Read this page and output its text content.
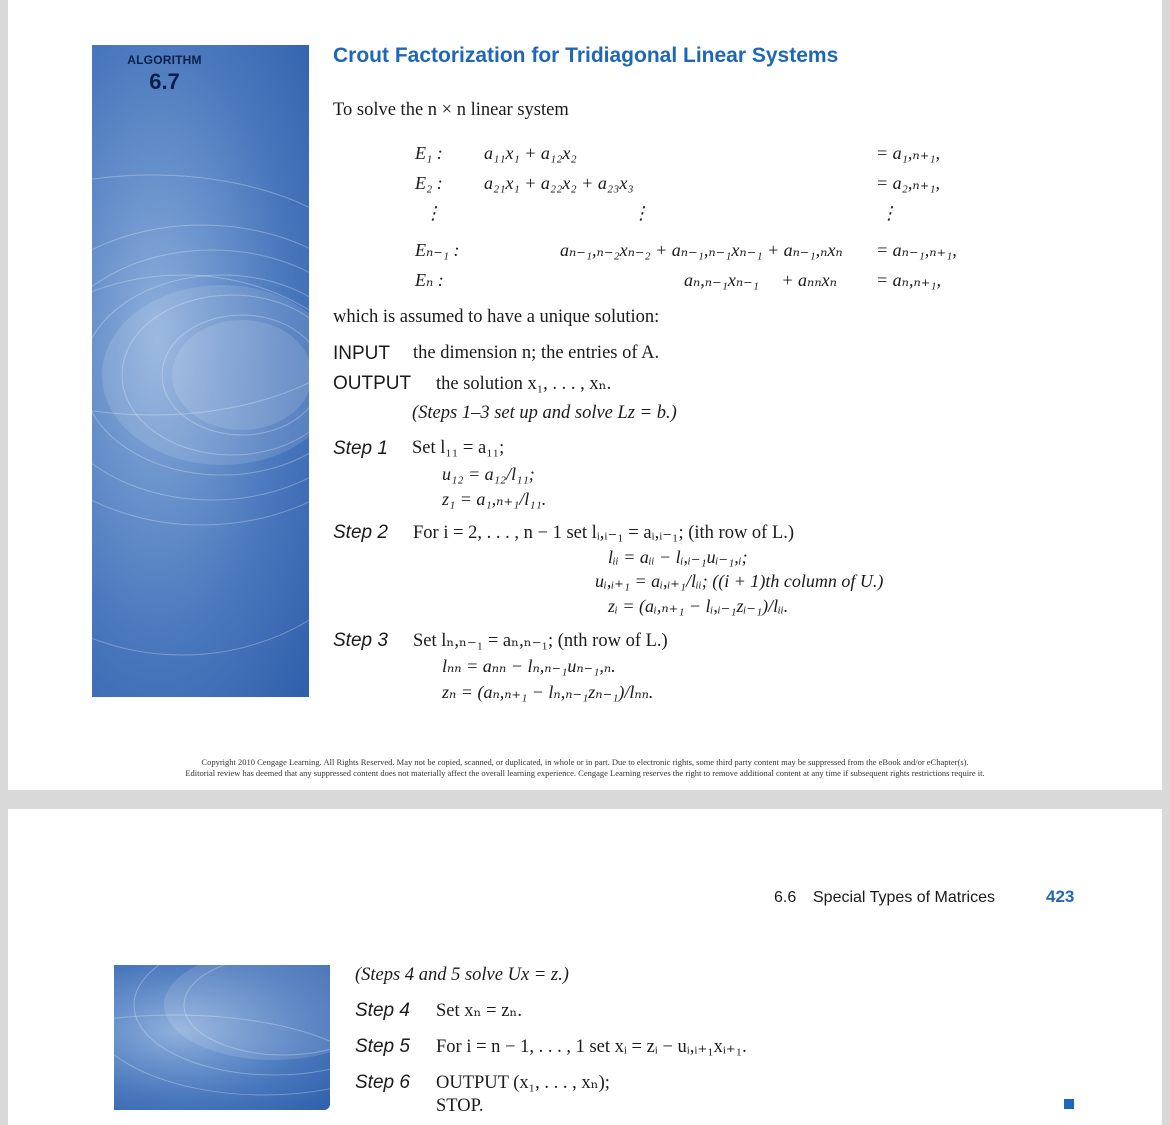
ALGORITHM
6.7
Crout Factorization for Tridiagonal Linear Systems
To solve the n × n linear system
E₁ : a₁₁x₁ + a₁₂x₂	= a₁,ₙ₊₁,
E₂ : a₂₁x₁ + a₂₂x₂ + a₂₃x₃	= a₂,ₙ₊₁,
⋮	⋮	⋮
Eₙ₋₁ :	aₙ₋₁,ₙ₋₂xₙ₋₂ + aₙ₋₁,ₙ₋₁xₙ₋₁ + aₙ₋₁,ₙxₙ = aₙ₋₁,ₙ₊₁,
Eₙ :	aₙ,ₙ₋₁xₙ₋₁     + aₙₙxₙ = aₙ,ₙ₊₁,
which is assumed to have a unique solution:
INPUT the dimension n; the entries of A.
OUTPUT the solution x₁, . . . , xₙ.
(Steps 1–3 set up and solve Lz = b.)
Step 1 Set l₁₁ = a₁₁;
u₁₂ = a₁₂/l₁₁;
z₁ = a₁,ₙ₊₁/l₁₁.
Step 2 For i = 2, . . . , n − 1 set lᵢ,ᵢ₋₁ = aᵢ,ᵢ₋₁; (ith row of L.)
lᵢᵢ = aᵢᵢ − lᵢ,ᵢ₋₁uᵢ₋₁,ᵢ;
uᵢ,ᵢ₊₁ = aᵢ,ᵢ₊₁/lᵢᵢ; ((i + 1)th column of U.)
zᵢ = (aᵢ,ₙ₊₁ − lᵢ,ᵢ₋₁zᵢ₋₁)/lᵢᵢ.
Step 3 Set lₙ,ₙ₋₁ = aₙ,ₙ₋₁; (nth row of L.)
lₙₙ = aₙₙ − lₙ,ₙ₋₁uₙ₋₁,ₙ.
zₙ = (aₙ,ₙ₊₁ − lₙ,ₙ₋₁zₙ₋₁)/lₙₙ.
Copyright 2010 Cengage Learning. All Rights Reserved. May not be copied, scanned, or duplicated, in whole or in part. Due to electronic rights, some third party content may be suppressed from the eBook and/or eChapter(s).
Editorial review has deemed that any suppressed content does not materially affect the overall learning experience. Cengage Learning reserves the right to remove additional content at any time if subsequent rights restrictions require it.
6.6 Special Types of Matrices	423
(Steps 4 and 5 solve Ux = z.)
Step 4 Set xₙ = zₙ.
Step 5 For i = n − 1, . . . , 1 set xᵢ = zᵢ − uᵢ,ᵢ₊₁xᵢ₊₁.
Step 6 OUTPUT (x₁, . . . , xₙ);
STOP.
